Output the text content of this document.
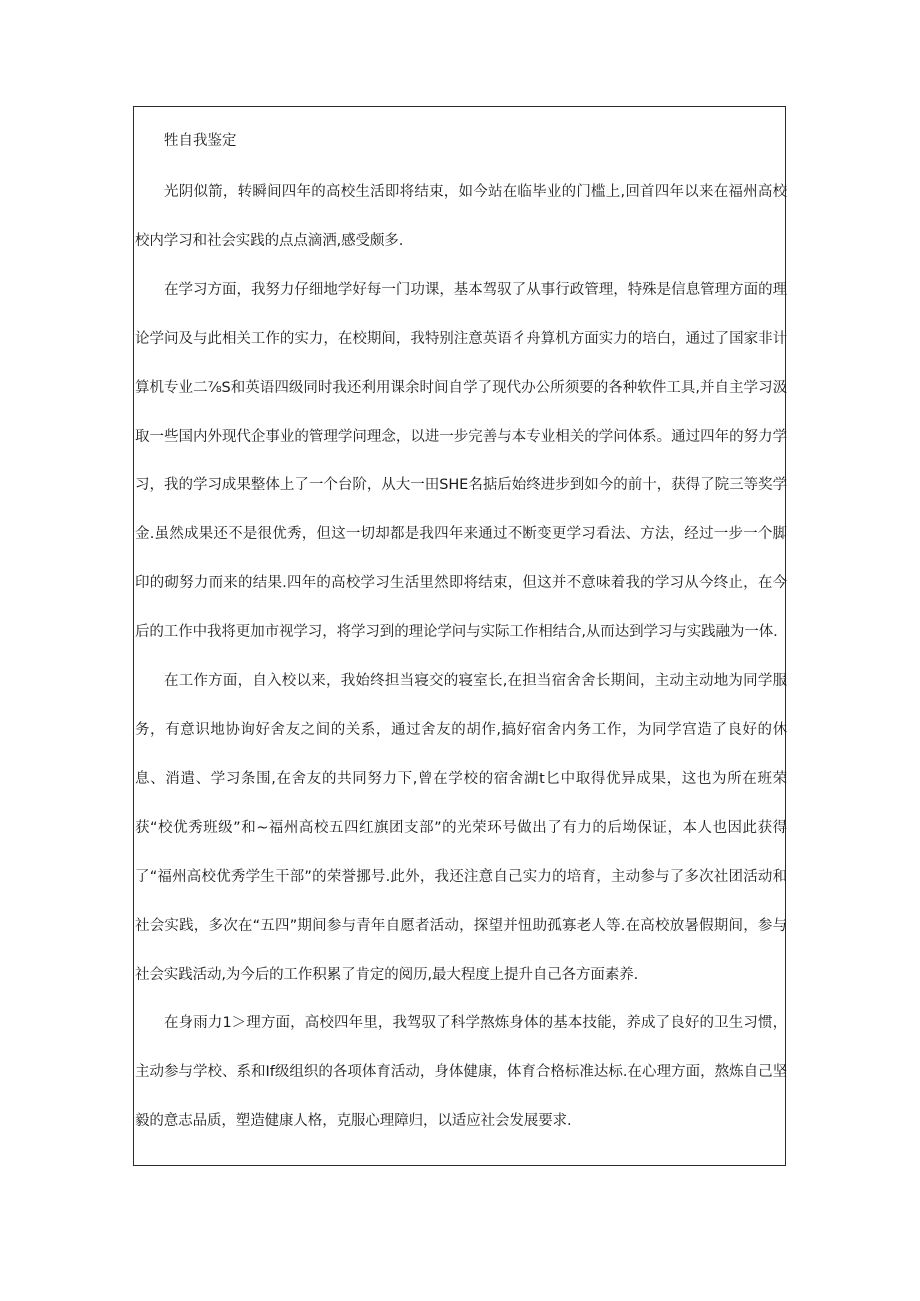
牲自我鉴定

光阴似箭，转瞬间四年的高校生活即将结束，如今站在临毕业的门槛上,回首四年以来在福州高校校内学习和社会实践的点点滴洒,感受颇多.

在学习方面，我努力仔细地学好每一门功课，基本驾驭了从事行政管理，特殊是信息管理方面的理论学问及与此相关工作的实力，在校期间，我特别注意英语彳舟算机方面实力的培白，通过了国家非计算机专业二⅞S和英语四级同时我还利用课余时间自学了现代办公所须要的各种软件工具,并自主学习汲取一些国内外现代企事业的管理学问理念，以进一步完善与本专业相关的学问体系。通过四年的努力学习，我的学习成果整体上了一个台阶，从大一田SHE名掂后始终进步到如今的前十，获得了院三等奖学金.虽然成果还不是很优秀，但这一切却都是我四年来通过不断变更学习看法、方法，经过一步一个脚印的砌努力而来的结果.四年的高校学习生活里然即将结束，但这并不意味着我的学习从今终止，在今后的工作中我将更加市视学习，将学习到的理论学问与实际工作相结合,从而达到学习与实践融为一体.

在工作方面，自入校以来，我始终担当寝交的寝室长,在担当宿舍舍长期间，主动主动地为同学服务，有意识地协询好舍友之间的关系，通过舍友的胡作,搞好宿舍内务工作，为同学宫造了良好的休息、消遣、学习条围,在舍友的共同努力下,曾在学校的宿舍湖t匕中取得优异成果，这也为所在班荣获“校优秀班级”和~福州高校五四红旗团支部”的光荣环号做出了有力的后坳保证，本人也因此获得了“福州高校优秀学生干部”的荣誉挪号.此外，我还注意自己实力的培育，主动参与了多次社团活动和社会实践，多次在“五四”期间参与青年自愿者活动，探望并忸助孤寡老人等.在高校放暑假期间，参与社会实践活动,为今后的工作积累了肯定的阅历,最大程度上提升自己各方面素养.

在身雨力1＞理方面，高校四年里，我驾驭了科学熬炼身体的基本技能，养成了良好的卫生习惯，主动参与学校、系和If级组织的各项体育活动，身体健康，体育合格标准达标.在心理方面，熬炼自己坚毅的意志品质，塑造健康人格，克服心理障归，以适应社会发展要求.
